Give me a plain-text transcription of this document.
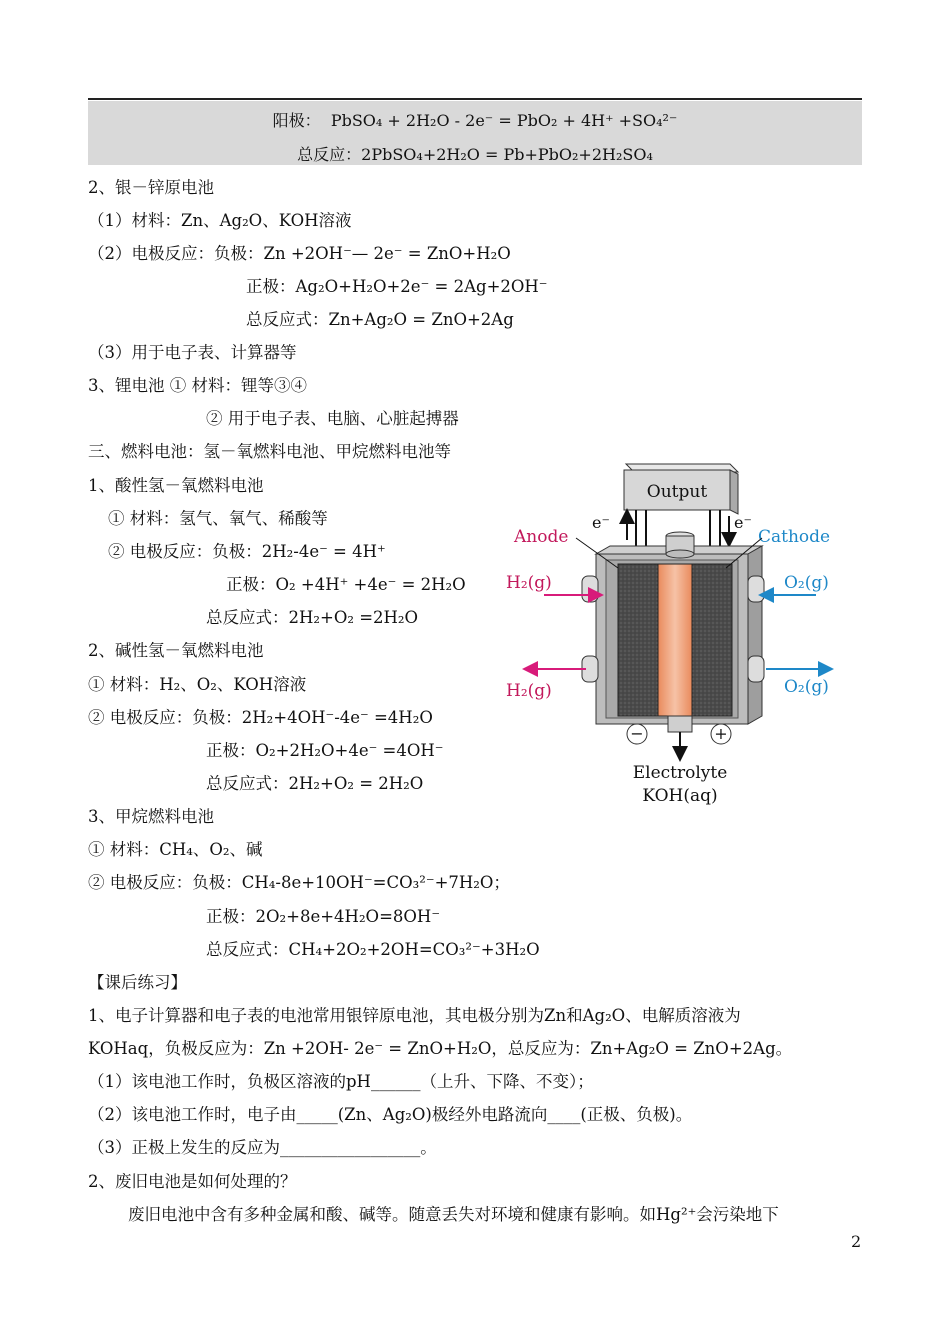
阳极： PbSO₄ + 2H₂O - 2e⁻ = PbO₂ + 4H⁺ +SO₄²⁻
总反应：2PbSO₄+2H₂O = Pb+PbO₂+2H₂SO₄
2、银－锌原电池
（1）材料：Zn、Ag₂O、KOH溶液
（2）电极反应：负极：Zn +2OH⁻— 2e⁻ = ZnO+H₂O
正极：Ag₂O+H₂O+2e⁻ = 2Ag+2OH⁻
总反应式：Zn+Ag₂O = ZnO+2Ag
（3）用于电子表、计算器等
3、锂电池 ① 材料：锂等③④
② 用于电子表、电脑、心脏起搏器
三、燃料电池：氢－氧燃料电池、甲烷燃料电池等
1、酸性氢－氧燃料电池
① 材料：氢气、氧气、稀酸等
② 电极反应：负极：2H₂-4e⁻ = 4H⁺
正极：O₂ +4H⁺ +4e⁻ = 2H₂O
总反应式：2H₂+O₂ =2H₂O
2、碱性氢－氧燃料电池
① 材料：H₂、O₂、KOH溶液
② 电极反应：负极：2H₂+4OH⁻-4e⁻ =4H₂O
正极：O₂+2H₂O+4e⁻ =4OH⁻
总反应式：2H₂+O₂ = 2H₂O
3、甲烷燃料电池
① 材料：CH₄、O₂、碱
② 电极反应：负极：CH₄-8e+10OH⁻=CO₃²⁻+7H₂O；
正极：2O₂+8e+4H₂O=8OH⁻
总反应式：CH₄+2O₂+2OH=CO₃²⁻+3H₂O
【课后练习】
1、电子计算器和电子表的电池常用银锌原电池，其电极分别为Zn和Ag₂O、电解质溶液为
KOHaq，负极反应为：Zn +2OH- 2e⁻ = ZnO+H₂O，总反应为：Zn+Ag₂O = ZnO+2Ag。
（1）该电池工作时，负极区溶液的pH______（上升、下降、不变）；
（2）该电池工作时，电子由_____(Zn、Ag₂O)极经外电路流向____(正极、负极)。
（3）正极上发生的反应为_________________。
2、废旧电池是如何处理的？
废旧电池中含有多种金属和酸、碱等。随意丢失对环境和健康有影响。如Hg²⁺会污染地下
2
Output
e⁻	e⁻
Anode	Cathode
H₂(g)
H₂(g)
O₂(g)
O₂(g)
−	+
Electrolyte
KOH(aq)
